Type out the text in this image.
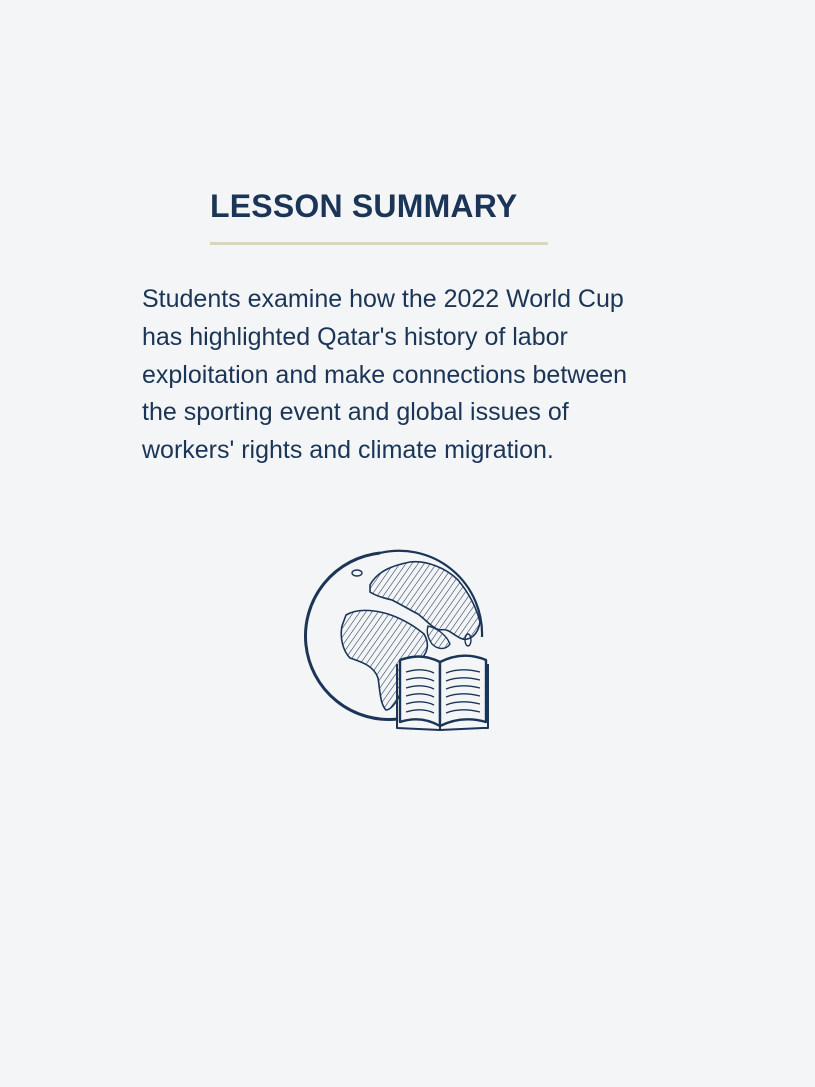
LESSON SUMMARY

Students examine how the 2022 World Cup has highlighted Qatar's history of labor exploitation and make connections between the sporting event and global issues of workers' rights and climate migration.
